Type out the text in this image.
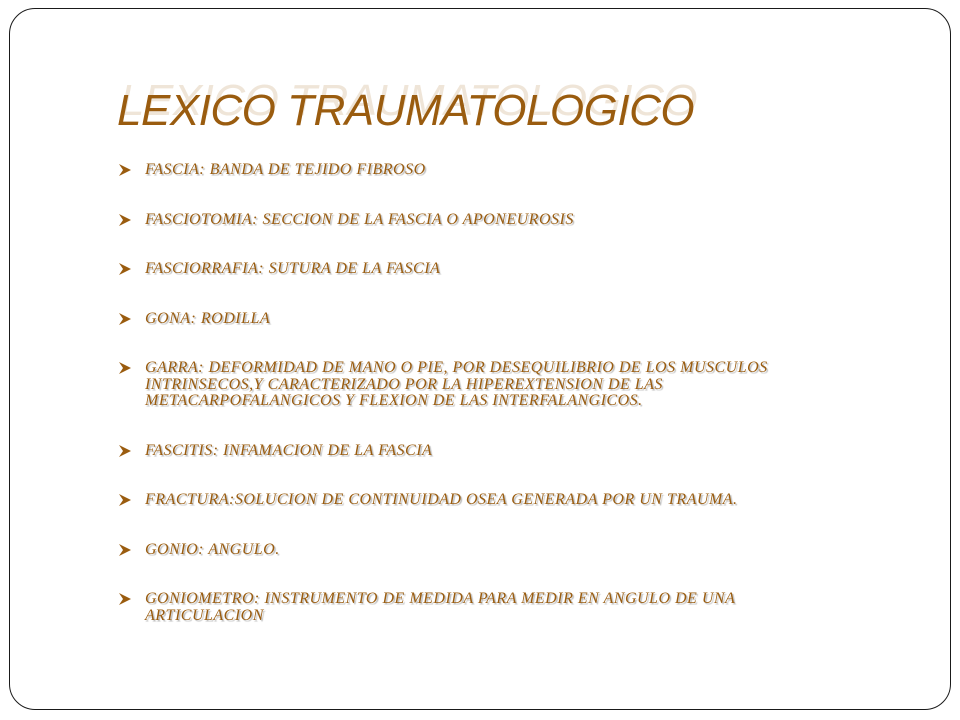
LEXICO TRAUMATOLOGICO
FASCIA: BANDA DE TEJIDO FIBROSO
FASCIOTOMIA: SECCION DE LA FASCIA O APONEUROSIS
FASCIORRAFIA: SUTURA DE LA FASCIA
GONA: RODILLA
GARRA: DEFORMIDAD DE MANO O PIE, POR DESEQUILIBRIO DE LOS MUSCULOS INTRINSECOS,Y CARACTERIZADO POR LA HIPEREXTENSION DE LAS METACARPOFALANGICOS Y FLEXION DE LAS INTERFALANGICOS.
FASCITIS: INFAMACION DE LA FASCIA
FRACTURA:SOLUCION DE CONTINUIDAD OSEA GENERADA POR UN TRAUMA.
GONIO: ANGULO.
GONIOMETRO: INSTRUMENTO DE MEDIDA PARA MEDIR EN ANGULO DE UNA ARTICULACION
